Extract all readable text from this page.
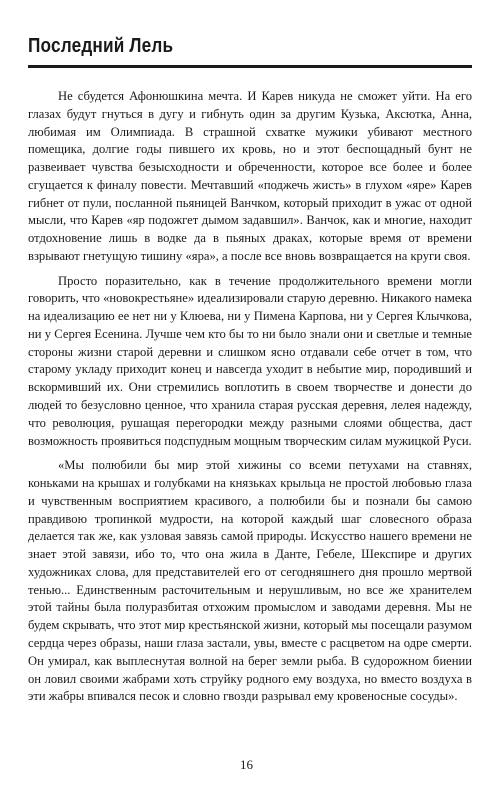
Последний Лель

Не сбудется Афонюшкина мечта. И Карев никуда не сможет уйти. На его глазах будут гнуться в дугу и гибнуть один за другим Кузька, Аксютка, Анна, любимая им Олимпиада. В страшной схватке мужики убивают местного помещика, долгие годы пившего их кровь, но и этот беспощадный бунт не развеивает чувства безысходности и обреченности, которое все более и более сгущается к финалу повести. Мечтавший «поджечь жисть» в глухом «яре» Карев гибнет от пули, посланной пьяницей Ванчком, который приходит в ужас от одной мысли, что Карев «яр подожгет дымом задавшил». Ванчок, как и многие, находит отдохновение лишь в водке да в пьяных драках, которые время от времени взрывают гнетущую тишину «яра», а после все вновь возвращается на круги своя.

Просто поразительно, как в течение продолжительного времени могли говорить, что «новокрестьяне» идеализировали старую деревню. Никакого намека на идеализацию ее нет ни у Клюева, ни у Пимена Карпова, ни у Сергея Клычкова, ни у Сергея Есенина. Лучше чем кто бы то ни было знали они и светлые и темные стороны жизни старой деревни и слишком ясно отдавали себе отчет в том, что старому укладу приходит конец и навсегда уходит в небытие мир, породивший и вскормивший их. Они стремились воплотить в своем творчестве и донести до людей то безусловно ценное, что хранила старая русская деревня, лелея надежду, что революция, рушащая перегородки между разными слоями общества, даст возможность проявиться подспудным мощным творческим силам мужицкой Руси.

«Мы полюбили бы мир этой хижины со всеми петухами на ставнях, коньками на крышах и голубками на князьках крыльца не простой любовью глаза и чувственным восприятием красивого, а полюбили бы и познали бы самою правдивою тропинкой мудрости, на которой каждый шаг словесного образа делается так же, как узловая завязь самой природы. Искусство нашего времени не знает этой завязи, ибо то, что она жила в Данте, Гебеле, Шекспире и других художниках слова, для представителей его от сегодняшнего дня прошло мертвой тенью... Единственным расточительным и нерушливым, но все же хранителем этой тайны была полуразбитая отхожим промыслом и заводами деревня. Мы не будем скрывать, что этот мир крестьянской жизни, который мы посещали разумом сердца через образы, наши глаза застали, увы, вместе с расцветом на одре смерти. Он умирал, как выплеснутая волной на берег земли рыба. В судорожном биении он ловил своими жабрами хоть струйку родного ему воздуха, но вместо воздуха в эти жабры впивался песок и словно гвозди разрывал ему кровеносные сосуды».

16
